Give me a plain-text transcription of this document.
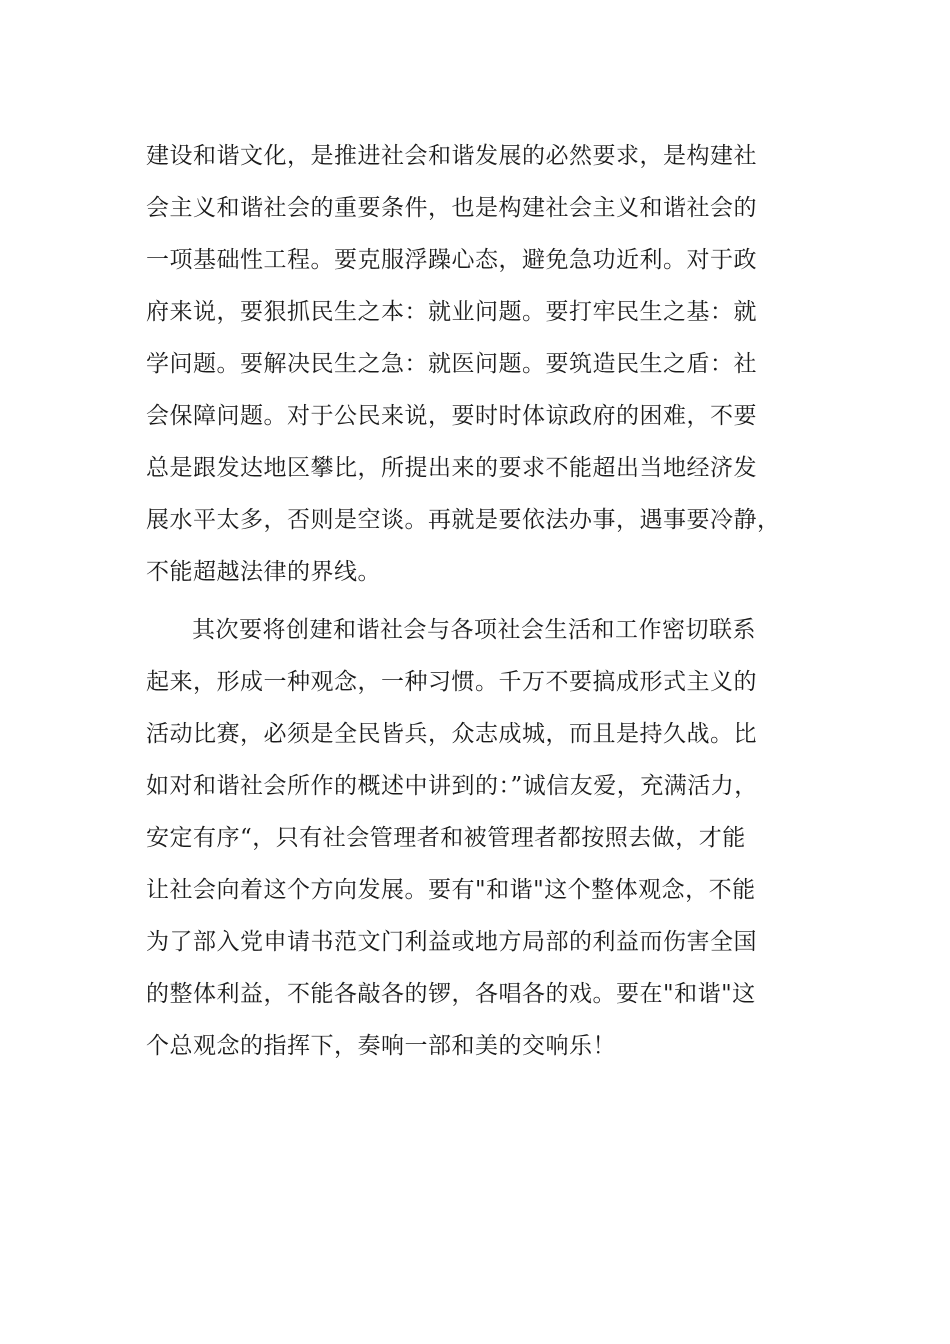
建设和谐文化，是推进社会和谐发展的必然要求，是构建社
会主义和谐社会的重要条件，也是构建社会主义和谐社会的
一项基础性工程。要克服浮躁心态，避免急功近利。对于政
府来说，要狠抓民生之本：就业问题。要打牢民生之基：就
学问题。要解决民生之急：就医问题。要筑造民生之盾：社
会保障问题。对于公民来说，要时时体谅政府的困难，不要
总是跟发达地区攀比，所提出来的要求不能超出当地经济发
展水平太多，否则是空谈。再就是要依法办事，遇事要冷静，
不能超越法律的界线。
其次要将创建和谐社会与各项社会生活和工作密切联系
起来，形成一种观念，一种习惯。千万不要搞成形式主义的
活动比赛，必须是全民皆兵，众志成城，而且是持久战。比
如对和谐社会所作的概述中讲到的：”诚信友爱，充满活力，
安定有序“，只有社会管理者和被管理者都按照去做，才能
让社会向着这个方向发展。要有"和谐"这个整体观念，不能
为了部入党申请书范文门利益或地方局部的利益而伤害全国
的整体利益，不能各敲各的锣，各唱各的戏。要在"和谐"这
个总观念的指挥下，奏响一部和美的交响乐！
